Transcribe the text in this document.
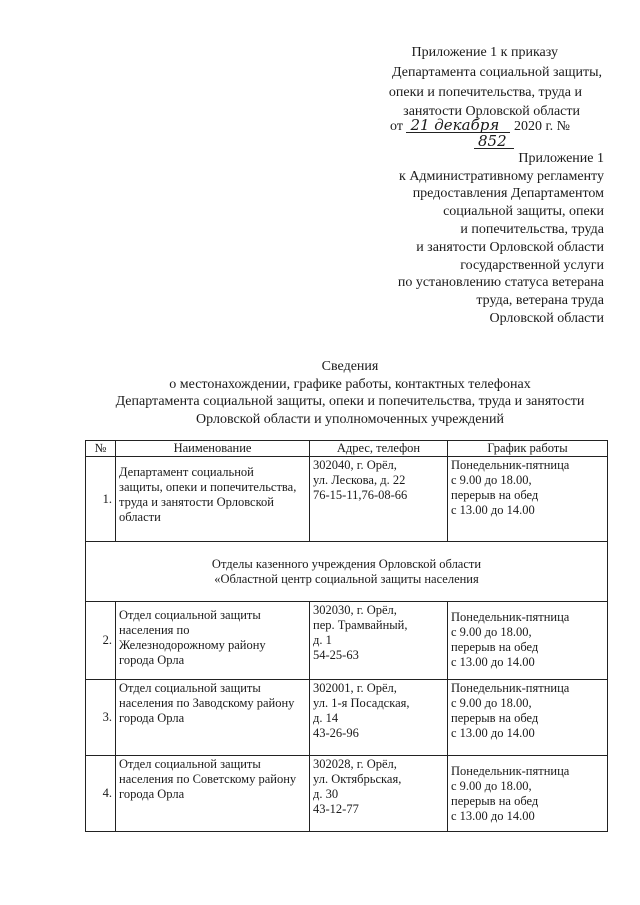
Приложение 1 к приказу
Департамента социальной защиты,
опеки и попечительства, труда и
занятости Орловской области
от 21 декабря 2020 г. №
852
Приложение 1
к Административному регламенту
предоставления Департаментом
социальной защиты, опеки
и попечительства, труда
и занятости Орловской области
государственной услуги
по установлению статуса ветерана
труда, ветерана труда
Орловской области
Сведения
о местонахождении, графике работы, контактных телефонах
Департамента социальной защиты, опеки и попечительства, труда и занятости
Орловской области и уполномоченных учреждений
№	Наименование	Адрес, телефон	График работы
1.	Департамент социальной
защиты, опеки и попечительства,
труда и занятости Орловской
области	302040, г. Орёл,
ул. Лескова, д. 22
76-15-11,76-08-66	Понедельник-пятница
с 9.00 до 18.00,
перерыв на обед
с 13.00 до 14.00

Отделы казенного учреждения Орловской области
«Областной центр социальной защиты населения			

2.	Отдел социальной защиты
населения по
Железнодорожному району
города Орла	302030, г. Орёл,
пер. Трамвайный,
д. 1
54-25-63	Понедельник-пятница
с 9.00 до 18.00,
перерыв на обед
с 13.00 до 14.00

3.	Отдел социальной защиты
населения по Заводскому району
города Орла	302001, г. Орёл,
ул. 1-я Посадская,
д. 14
43-26-96	Понедельник-пятница
с 9.00 до 18.00,
перерыв на обед
с 13.00 до 14.00

4.	Отдел социальной защиты
населения по Советскому району
города Орла	302028, г. Орёл,
ул. Октябрьская,
д. 30
43-12-77	Понедельник-пятница
с 9.00 до 18.00,
перерыв на обед
с 13.00 до 14.00
